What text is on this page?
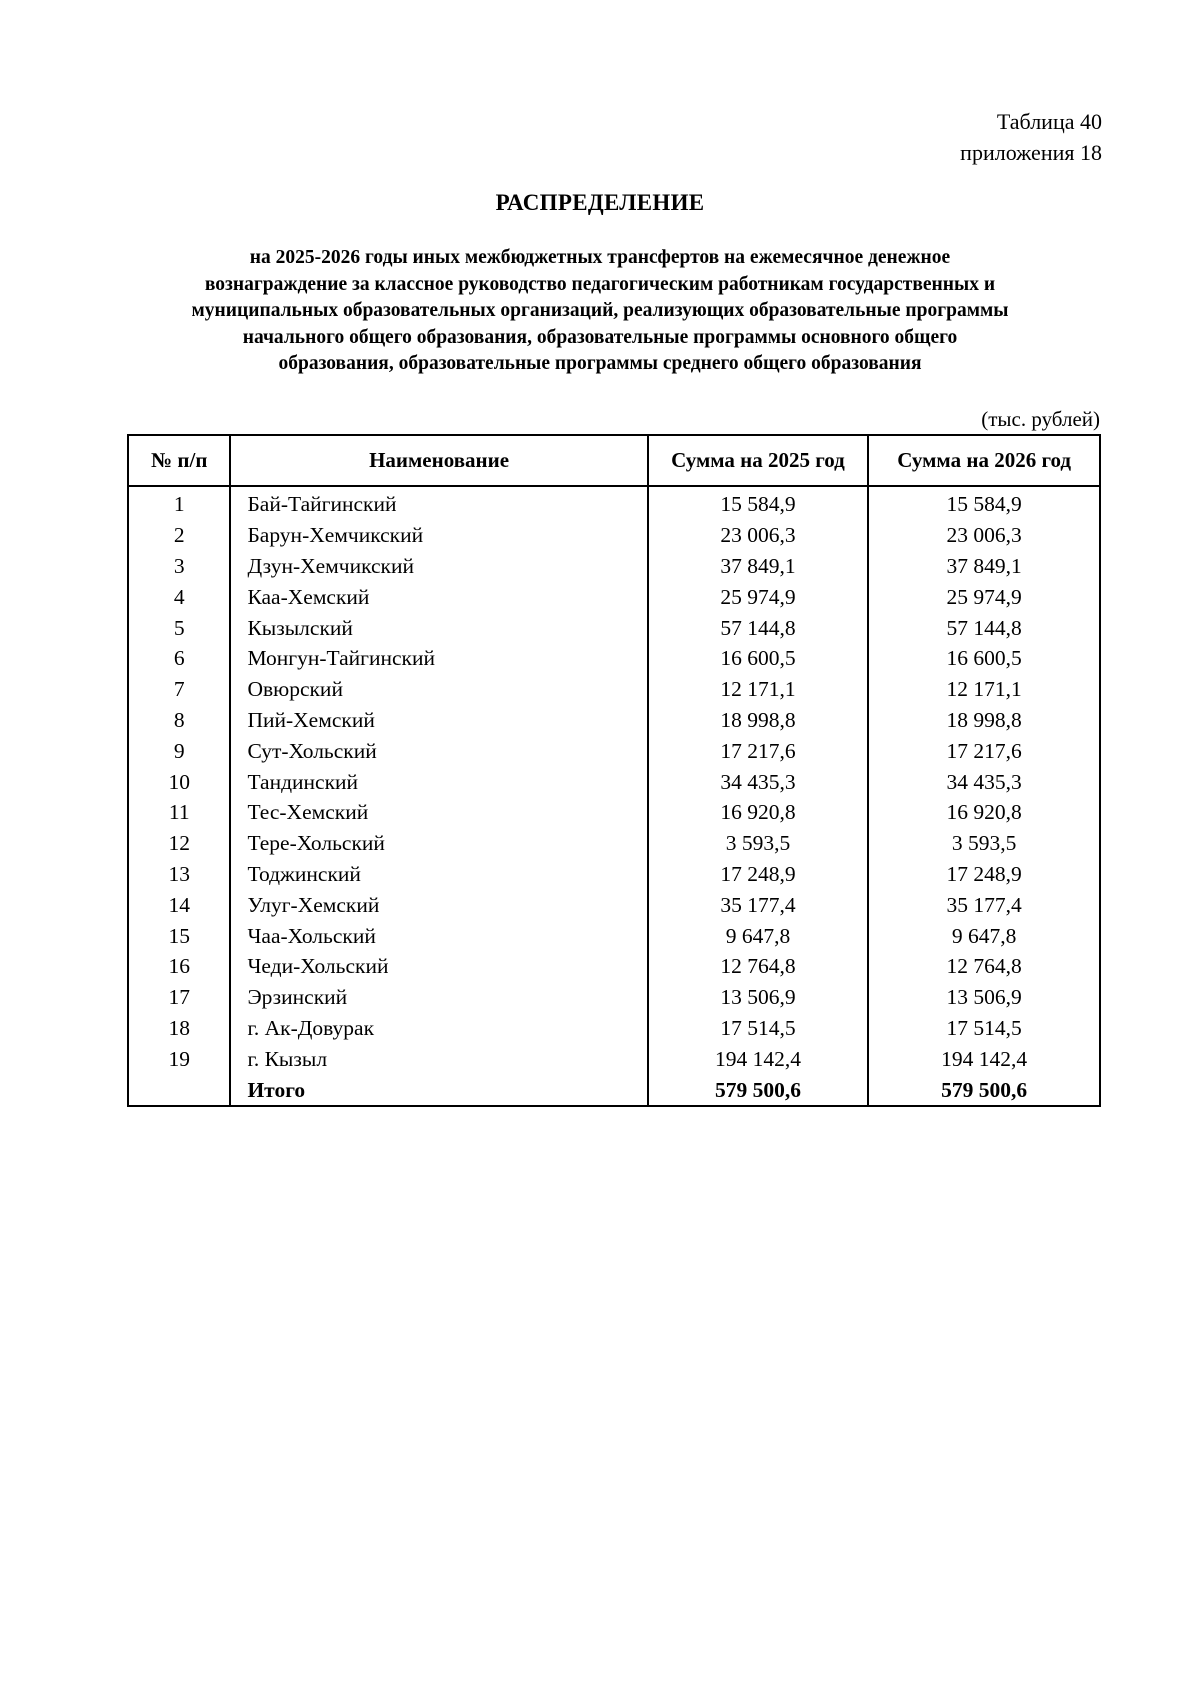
Таблица 40
приложения 18
РАСПРЕДЕЛЕНИЕ
на 2025-2026 годы иных межбюджетных трансфертов на ежемесячное денежное
вознаграждение за классное руководство педагогическим работникам государственных и
муниципальных образовательных организаций, реализующих образовательные программы
начального общего образования, образовательные программы основного общего
образования, образовательные программы среднего общего образования
(тыс. рублей)
№ п/п	Наименование	Сумма на 2025 год	Сумма на 2026 год
1	Бай-Тайгинский	15 584,9	15 584,9
2	Барун-Хемчикский	23 006,3	23 006,3
3	Дзун-Хемчикский	37 849,1	37 849,1
4	Каа-Хемский	25 974,9	25 974,9
5	Кызылский	57 144,8	57 144,8
6	Монгун-Тайгинский	16 600,5	16 600,5
7	Овюрский	12 171,1	12 171,1
8	Пий-Хемский	18 998,8	18 998,8
9	Сут-Хольский	17 217,6	17 217,6
10	Тандинский	34 435,3	34 435,3
11	Тес-Хемский	16 920,8	16 920,8
12	Тере-Хольский	3 593,5	3 593,5
13	Тоджинский	17 248,9	17 248,9
14	Улуг-Хемский	35 177,4	35 177,4
15	Чаа-Хольский	9 647,8	9 647,8
16	Чеди-Хольский	12 764,8	12 764,8
17	Эрзинский	13 506,9	13 506,9
18	г. Ак-Довурак	17 514,5	17 514,5
19	г. Кызыл	194 142,4	194 142,4
	Итого	579 500,6	579 500,6
